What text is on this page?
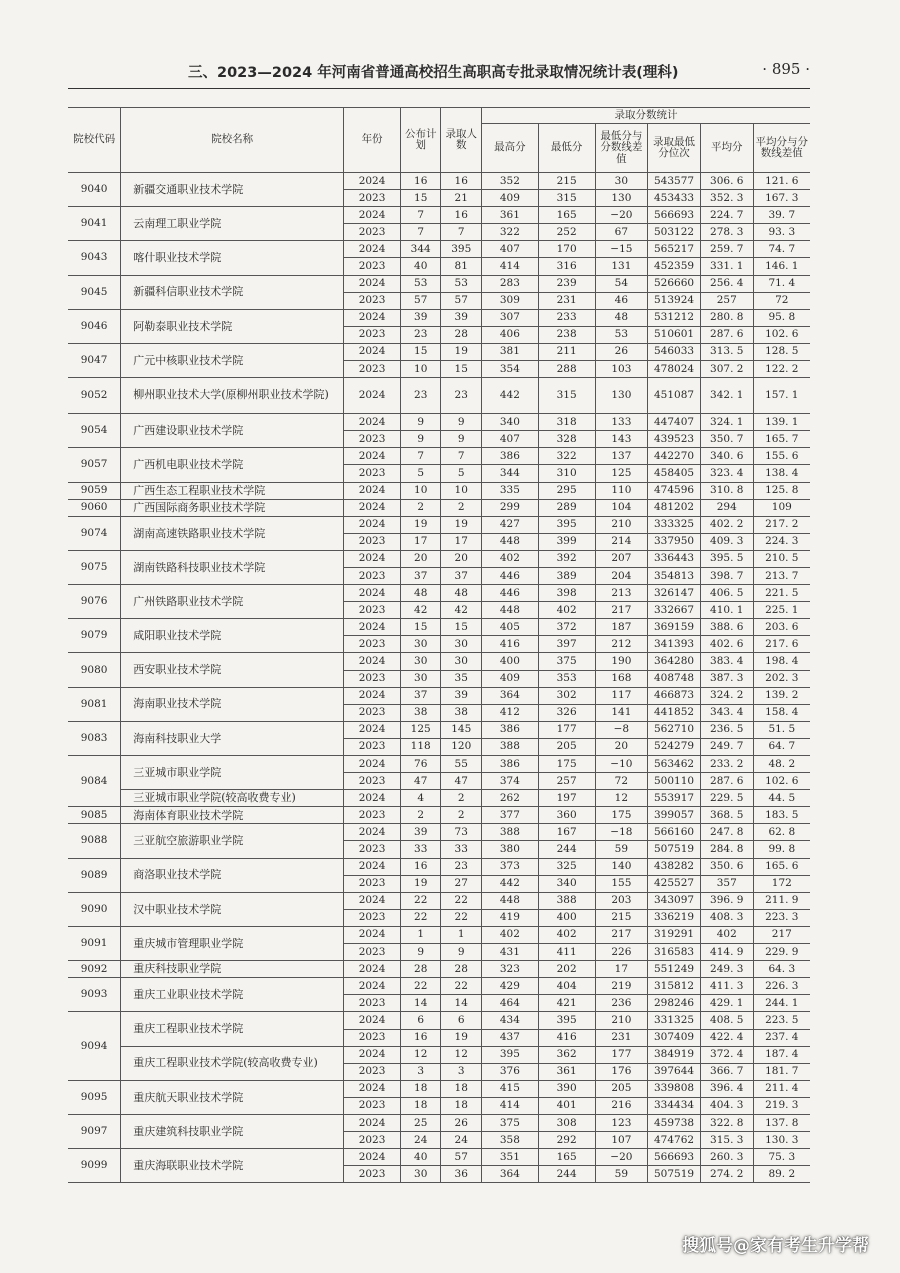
三、2023—2024 年河南省普通高校招生高职高专批录取情况统计表(理科)	· 895 ·
院校代码	院校名称	年份	公布计划	录取人数	录取分数统计					
					最高分	最低分	最低分与分数线差值	录取最低分位次	平均分	平均分与分数线差值
9040	新疆交通职业技术学院	2024	16	16	352	215	30	543577	306. 6	121. 6
		2023	15	21	409	315	130	453433	352. 3	167. 3
9041	云南理工职业学院	2024	7	16	361	165	−20	566693	224. 7	39. 7
		2023	7	7	322	252	67	503122	278. 3	93. 3
9043	喀什职业技术学院	2024	344	395	407	170	−15	565217	259. 7	74. 7
		2023	40	81	414	316	131	452359	331. 1	146. 1
9045	新疆科信职业技术学院	2024	53	53	283	239	54	526660	256. 4	71. 4
		2023	57	57	309	231	46	513924	257	72
9046	阿勒泰职业技术学院	2024	39	39	307	233	48	531212	280. 8	95. 8
		2023	23	28	406	238	53	510601	287. 6	102. 6
9047	广元中核职业技术学院	2024	15	19	381	211	26	546033	313. 5	128. 5
		2023	10	15	354	288	103	478024	307. 2	122. 2
9052	柳州职业技术大学(原柳州职业技术学院)	2024	23	23	442	315	130	451087	342. 1	157. 1
9054	广西建设职业技术学院	2024	9	9	340	318	133	447407	324. 1	139. 1
		2023	9	9	407	328	143	439523	350. 7	165. 7
9057	广西机电职业技术学院	2024	7	7	386	322	137	442270	340. 6	155. 6
		2023	5	5	344	310	125	458405	323. 4	138. 4
9059	广西生态工程职业技术学院	2024	10	10	335	295	110	474596	310. 8	125. 8
9060	广西国际商务职业技术学院	2024	2	2	299	289	104	481202	294	109
9074	湖南高速铁路职业技术学院	2024	19	19	427	395	210	333325	402. 2	217. 2
		2023	17	17	448	399	214	337950	409. 3	224. 3
9075	湖南铁路科技职业技术学院	2024	20	20	402	392	207	336443	395. 5	210. 5
		2023	37	37	446	389	204	354813	398. 7	213. 7
9076	广州铁路职业技术学院	2024	48	48	446	398	213	326147	406. 5	221. 5
		2023	42	42	448	402	217	332667	410. 1	225. 1
9079	咸阳职业技术学院	2024	15	15	405	372	187	369159	388. 6	203. 6
		2023	30	30	416	397	212	341393	402. 6	217. 6
9080	西安职业技术学院	2024	30	30	400	375	190	364280	383. 4	198. 4
		2023	30	35	409	353	168	408748	387. 3	202. 3
9081	海南职业技术学院	2024	37	39	364	302	117	466873	324. 2	139. 2
		2023	38	38	412	326	141	441852	343. 4	158. 4
9083	海南科技职业大学	2024	125	145	386	177	−8	562710	236. 5	51. 5
		2023	118	120	388	205	20	524279	249. 7	64. 7
9084	三亚城市职业学院	2024	76	55	386	175	−10	563462	233. 2	48. 2
		2023	47	47	374	257	72	500110	287. 6	102. 6
	三亚城市职业学院(较高收费专业)	2024	4	2	262	197	12	553917	229. 5	44. 5
9085	海南体育职业技术学院	2023	2	2	377	360	175	399057	368. 5	183. 5
9088	三亚航空旅游职业学院	2024	39	73	388	167	−18	566160	247. 8	62. 8
		2023	33	33	380	244	59	507519	284. 8	99. 8
9089	商洛职业技术学院	2024	16	23	373	325	140	438282	350. 6	165. 6
		2023	19	27	442	340	155	425527	357	172
9090	汉中职业技术学院	2024	22	22	448	388	203	343097	396. 9	211. 9
		2023	22	22	419	400	215	336219	408. 3	223. 3
9091	重庆城市管理职业学院	2024	1	1	402	402	217	319291	402	217
		2023	9	9	431	411	226	316583	414. 9	229. 9
9092	重庆科技职业学院	2024	28	28	323	202	17	551249	249. 3	64. 3
9093	重庆工业职业技术学院	2024	22	22	429	404	219	315812	411. 3	226. 3
		2023	14	14	464	421	236	298246	429. 1	244. 1
9094	重庆工程职业技术学院	2024	6	6	434	395	210	331325	408. 5	223. 5
		2023	16	19	437	416	231	307409	422. 4	237. 4
	重庆工程职业技术学院(较高收费专业)	2024	12	12	395	362	177	384919	372. 4	187. 4
		2023	3	3	376	361	176	397644	366. 7	181. 7
9095	重庆航天职业技术学院	2024	18	18	415	390	205	339808	396. 4	211. 4
		2023	18	18	414	401	216	334434	404. 3	219. 3
9097	重庆建筑科技职业学院	2024	25	26	375	308	123	459738	322. 8	137. 8
		2023	24	24	358	292	107	474762	315. 3	130. 3
9099	重庆海联职业技术学院	2024	40	57	351	165	−20	566693	260. 3	75. 3
		2023	30	36	364	244	59	507519	274. 2	89. 2
搜狐号@家有考生升学帮
